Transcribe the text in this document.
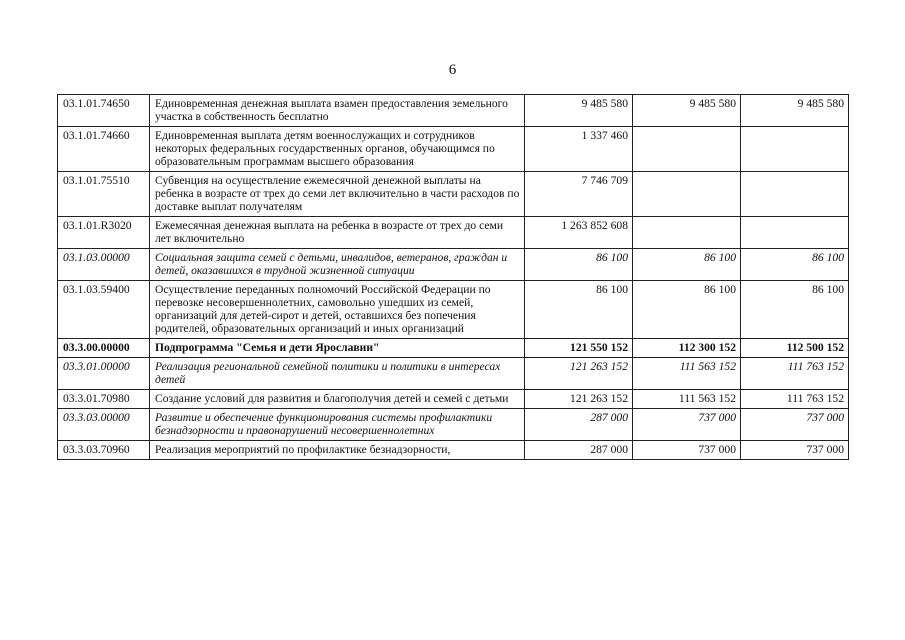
6
03.1.01.74650	Единовременная денежная выплата взамен предоставления земельного участка в собственность бесплатно	9 485 580	9 485 580	9 485 580
03.1.01.74660	Единовременная выплата детям военнослужащих и сотрудников некоторых федеральных государственных органов, обучающимся по образовательным программам высшего образования	1 337 460		
03.1.01.75510	Субвенция на осуществление ежемесячной денежной выплаты на ребенка в возрасте от трех до семи лет включительно в части расходов по доставке выплат получателям	7 746 709		
03.1.01.R3020	Ежемесячная денежная выплата на ребенка в возрасте от трех до семи лет включительно	1 263 852 608		
03.1.03.00000	Социальная защита семей с детьми, инвалидов, ветеранов, граждан и детей, оказавшихся в трудной жизненной ситуации	86 100	86 100	86 100
03.1.03.59400	Осуществление переданных полномочий Российской Федерации по перевозке несовершеннолетних, самовольно ушедших из семей, организаций для детей-сирот и детей, оставшихся без попечения родителей, образовательных организаций и иных организаций	86 100	86 100	86 100
03.3.00.00000	Подпрограмма "Семья и дети Ярославии"	121 550 152	112 300 152	112 500 152
03.3.01.00000	Реализация региональной семейной политики и политики в интересах детей	121 263 152	111 563 152	111 763 152
03.3.01.70980	Создание условий для развития и благополучия детей и семей с детьми	121 263 152	111 563 152	111 763 152
03.3.03.00000	Развитие и обеспечение функционирования системы профилактики безнадзорности и правонарушений несовершеннолетних	287 000	737 000	737 000
03.3.03.70960	Реализация мероприятий по профилактике безнадзорности,	287 000	737 000	737 000
